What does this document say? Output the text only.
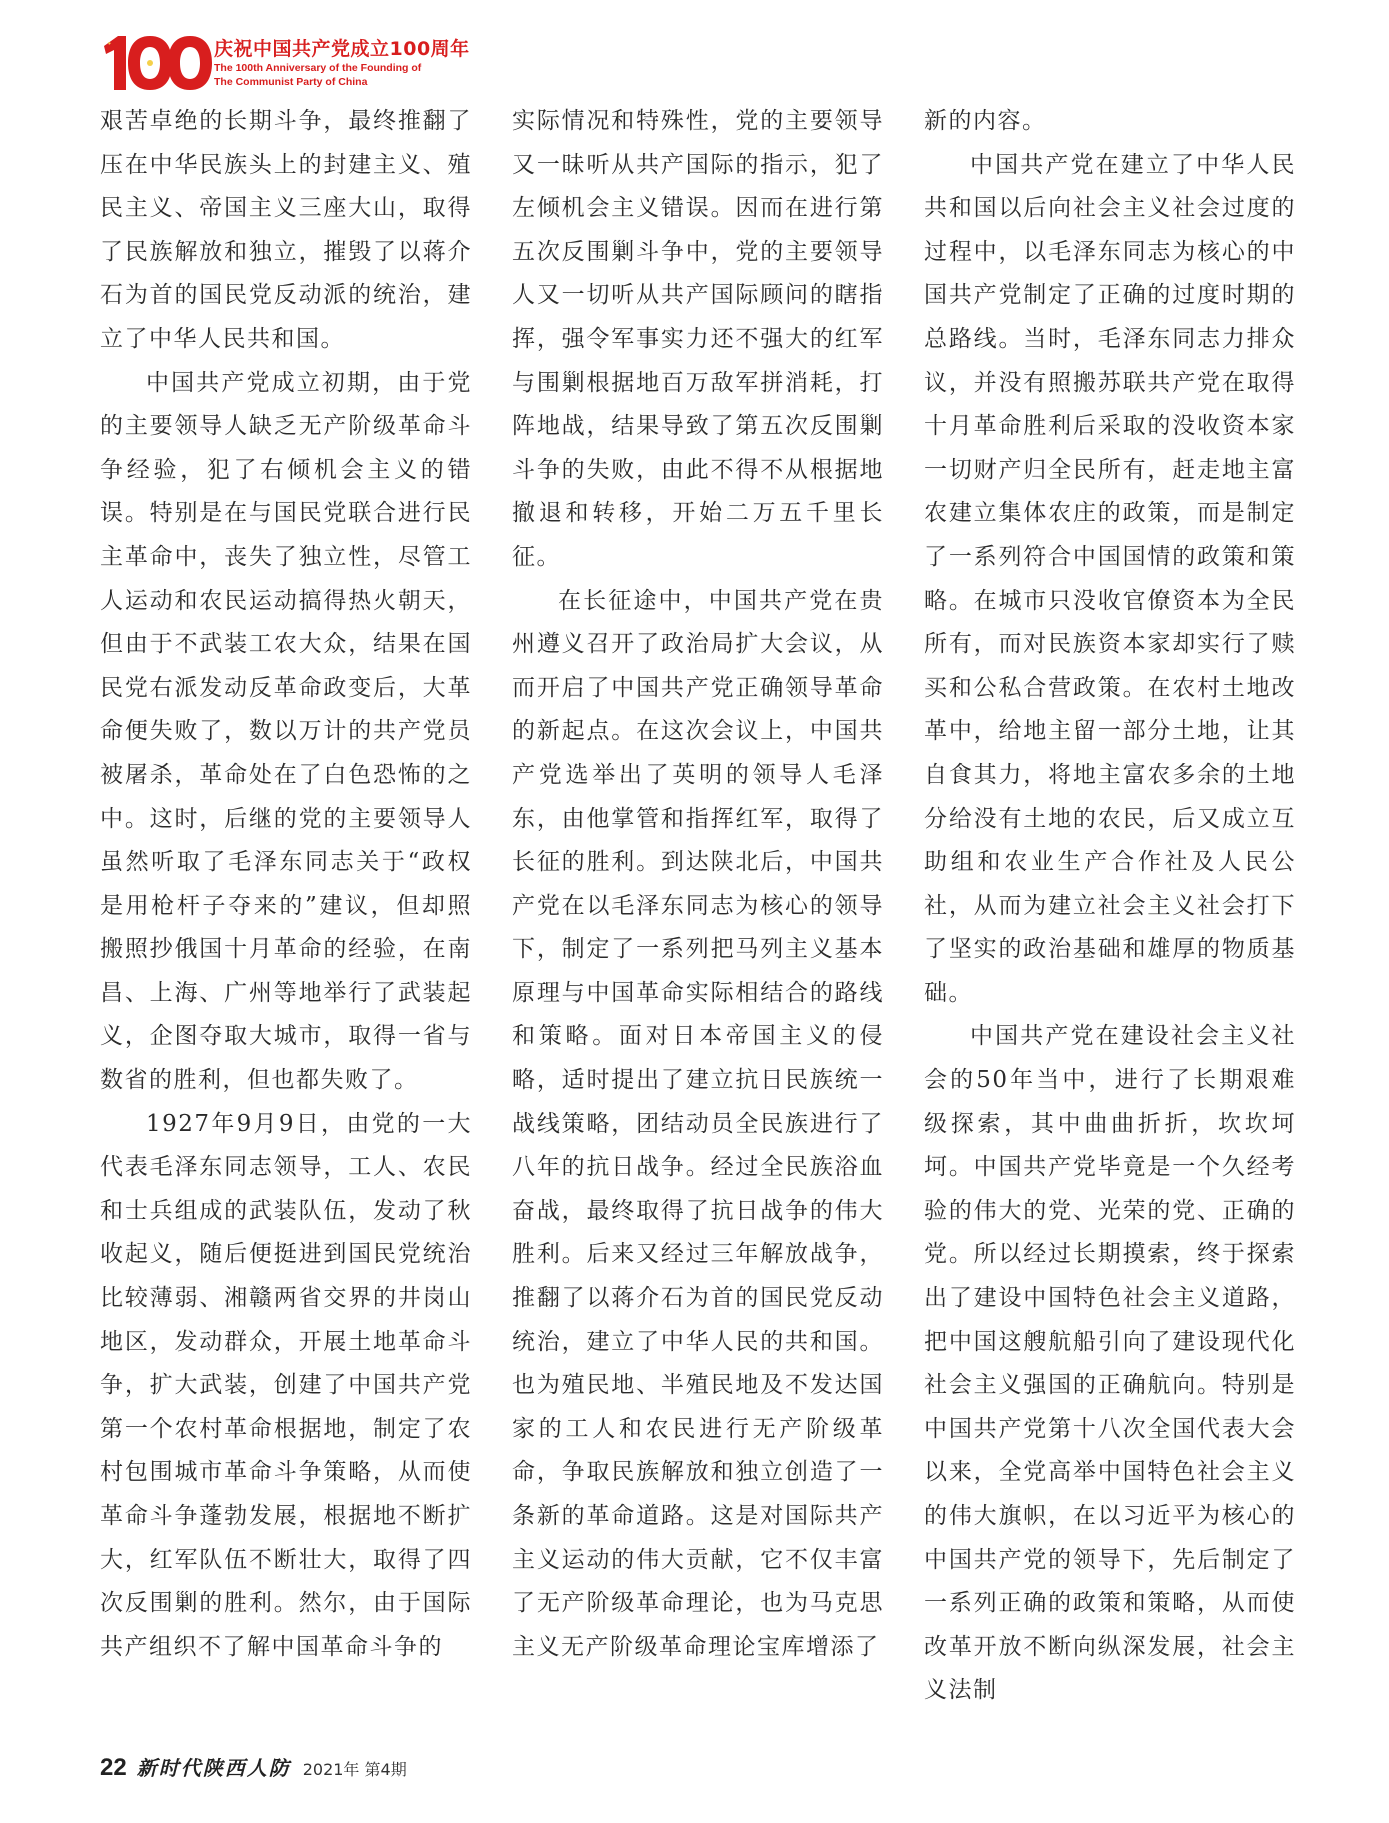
庆祝中国共产党成立100周年
The 100th Anniversary of the Founding of
The Communist Party of China

艰苦卓绝的长期斗争，最终推翻了压在中华民族头上的封建主义、殖民主义、帝国主义三座大山，取得了民族解放和独立，摧毁了以蒋介石为首的国民党反动派的统治，建立了中华人民共和国。

中国共产党成立初期，由于党的主要领导人缺乏无产阶级革命斗争经验，犯了右倾机会主义的错误。特别是在与国民党联合进行民主革命中，丧失了独立性，尽管工人运动和农民运动搞得热火朝天，但由于不武装工农大众，结果在国民党右派发动反革命政变后，大革命便失败了，数以万计的共产党员被屠杀，革命处在了白色恐怖的之中。这时，后继的党的主要领导人虽然听取了毛泽东同志关于“政权是用枪杆子夺来的”建议，但却照搬照抄俄国十月革命的经验，在南昌、上海、广州等地举行了武装起义，企图夺取大城市，取得一省与数省的胜利，但也都失败了。

1927年9月9日，由党的一大代表毛泽东同志领导，工人、农民和士兵组成的武装队伍，发动了秋收起义，随后便挺进到国民党统治比较薄弱、湘赣两省交界的井岗山地区，发动群众，开展土地革命斗争，扩大武装，创建了中国共产党第一个农村革命根据地，制定了农村包围城市革命斗争策略，从而使革命斗争蓬勃发展，根据地不断扩大，红军队伍不断壮大，取得了四次反围剿的胜利。然尔，由于国际共产组织不了解中国革命斗争的

实际情况和特殊性，党的主要领导又一昧听从共产国际的指示，犯了左倾机会主义错误。因而在进行第五次反围剿斗争中，党的主要领导人又一切听从共产国际顾问的瞎指挥，强令军事实力还不强大的红军与围剿根据地百万敌军拼消耗，打阵地战，结果导致了第五次反围剿斗争的失败，由此不得不从根据地撤退和转移，开始二万五千里长征。

在长征途中，中国共产党在贵州遵义召开了政治局扩大会议，从而开启了中国共产党正确领导革命的新起点。在这次会议上，中国共产党选举出了英明的领导人毛泽东，由他掌管和指挥红军，取得了长征的胜利。到达陕北后，中国共产党在以毛泽东同志为核心的领导下，制定了一系列把马列主义基本原理与中国革命实际相结合的路线和策略。面对日本帝国主义的侵略，适时提出了建立抗日民族统一战线策略，团结动员全民族进行了八年的抗日战争。经过全民族浴血奋战，最终取得了抗日战争的伟大胜利。后来又经过三年解放战争，推翻了以蒋介石为首的国民党反动统治，建立了中华人民的共和国。也为殖民地、半殖民地及不发达国家的工人和农民进行无产阶级革命，争取民族解放和独立创造了一条新的革命道路。这是对国际共产主义运动的伟大贡献，它不仅丰富了无产阶级革命理论，也为马克思主义无产阶级革命理论宝库增添了

新的内容。

中国共产党在建立了中华人民共和国以后向社会主义社会过度的过程中，以毛泽东同志为核心的中国共产党制定了正确的过度时期的总路线。当时，毛泽东同志力排众议，并没有照搬苏联共产党在取得十月革命胜利后采取的没收资本家一切财产归全民所有，赶走地主富农建立集体农庄的政策，而是制定了一系列符合中国国情的政策和策略。在城市只没收官僚资本为全民所有，而对民族资本家却实行了赎买和公私合营政策。在农村土地改革中，给地主留一部分土地，让其自食其力，将地主富农多余的土地分给没有土地的农民，后又成立互助组和农业生产合作社及人民公社，从而为建立社会主义社会打下了坚实的政治基础和雄厚的物质基础。

中国共产党在建设社会主义社会的50年当中，进行了长期艰难级探索，其中曲曲折折，坎坎坷坷。中国共产党毕竟是一个久经考验的伟大的党、光荣的党、正确的党。所以经过长期摸索，终于探索出了建设中国特色社会主义道路，把中国这艘航船引向了建设现代化社会主义强国的正确航向。特别是中国共产党第十八次全国代表大会以来，全党高举中国特色社会主义的伟大旗帜，在以习近平为核心的中国共产党的领导下，先后制定了一系列正确的政策和策略，从而使改革开放不断向纵深发展，社会主义法制

22 新时代陕西人防 2021年 第4期
